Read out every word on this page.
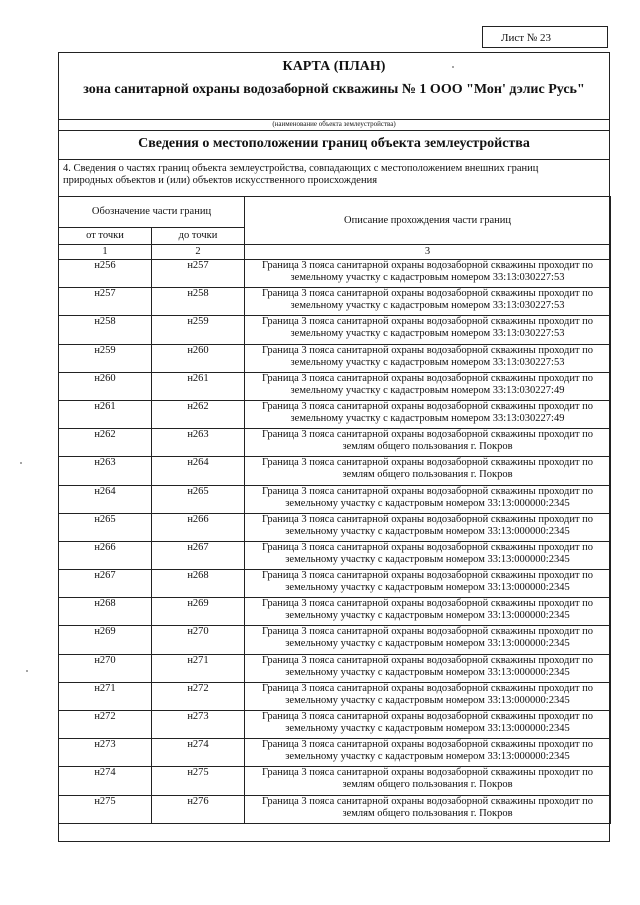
Лист № 23
КАРТА (ПЛАН)
зона санитарной охраны водозаборной скважины № 1 ООО "Мон' дэлис Русь"
(наименование объекта землеустройства)
Сведения о местоположении границ объекта землеустройства
4. Сведения о частях границ объекта землеустройства, совпадающих с местоположением внешних границ природных объектов и (или) объектов искусственного происхождения
Обозначение части границ		Описание прохождения части границ
от точки	до точки	
1	2	3
н256	н257	Граница 3 пояса санитарной охраны водозаборной скважины проходит по земельному участку с кадастровым номером 33:13:030227:53
н257	н258	Граница 3 пояса санитарной охраны водозаборной скважины проходит по земельному участку с кадастровым номером 33:13:030227:53
н258	н259	Граница 3 пояса санитарной охраны водозаборной скважины проходит по земельному участку с кадастровым номером 33:13:030227:53
н259	н260	Граница 3 пояса санитарной охраны водозаборной скважины проходит по земельному участку с кадастровым номером 33:13:030227:53
н260	н261	Граница 3 пояса санитарной охраны водозаборной скважины проходит по земельному участку с кадастровым номером 33:13:030227:49
н261	н262	Граница 3 пояса санитарной охраны водозаборной скважины проходит по земельному участку с кадастровым номером 33:13:030227:49
н262	н263	Граница 3 пояса санитарной охраны водозаборной скважины проходит по землям общего пользования г. Покров
н263	н264	Граница 3 пояса санитарной охраны водозаборной скважины проходит по землям общего пользования г. Покров
н264	н265	Граница 3 пояса санитарной охраны водозаборной скважины проходит по земельному участку с кадастровым номером 33:13:000000:2345
н265	н266	Граница 3 пояса санитарной охраны водозаборной скважины проходит по земельному участку с кадастровым номером 33:13:000000:2345
н266	н267	Граница 3 пояса санитарной охраны водозаборной скважины проходит по земельному участку с кадастровым номером 33:13:000000:2345
н267	н268	Граница 3 пояса санитарной охраны водозаборной скважины проходит по земельному участку с кадастровым номером 33:13:000000:2345
н268	н269	Граница 3 пояса санитарной охраны водозаборной скважины проходит по земельному участку с кадастровым номером 33:13:000000:2345
н269	н270	Граница 3 пояса санитарной охраны водозаборной скважины проходит по земельному участку с кадастровым номером 33:13:000000:2345
н270	н271	Граница 3 пояса санитарной охраны водозаборной скважины проходит по земельному участку с кадастровым номером 33:13:000000:2345
н271	н272	Граница 3 пояса санитарной охраны водозаборной скважины проходит по земельному участку с кадастровым номером 33:13:000000:2345
н272	н273	Граница 3 пояса санитарной охраны водозаборной скважины проходит по земельному участку с кадастровым номером 33:13:000000:2345
н273	н274	Граница 3 пояса санитарной охраны водозаборной скважины проходит по земельному участку с кадастровым номером 33:13:000000:2345
н274	н275	Граница 3 пояса санитарной охраны водозаборной скважины проходит по землям общего пользования г. Покров
н275	н276	Граница 3 пояса санитарной охраны водозаборной скважины проходит по землям общего пользования г. Покров
